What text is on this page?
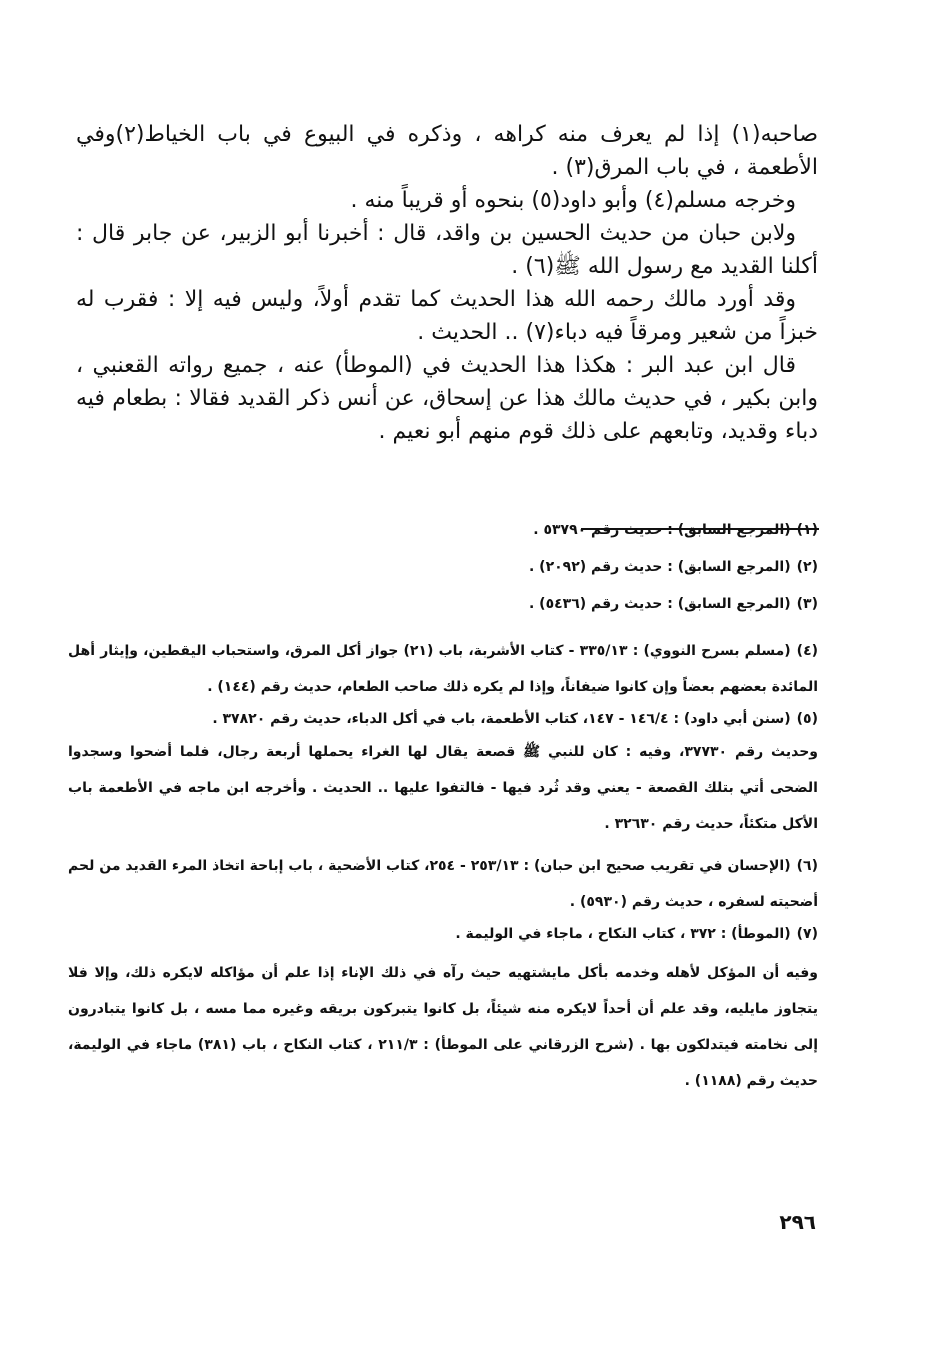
صاحبه(١) إذا لم يعرف منه كراهه ، وذكره في البيوع في باب الخياط(٢)وفي الأطعمة ، في باب المرق(٣) .

وخرجه مسلم(٤) وأبو داود(٥) بنحوه أو قريباً منه .

ولابن حبان من حديث الحسين بن واقد، قال : أخبرنا أبو الزبير، عن جابر قال : أكلنا القديد مع رسول الله ﷺ(٦) .

وقد أورد مالك رحمه الله هذا الحديث كما تقدم أولاً، وليس فيه إلا : فقرب له خبزاً من شعير ومرقاً فيه دباء(٧) .. الحديث .

قال ابن عبد البر : هكذا هذا الحديث في (الموطأ) عنه ، جميع رواته القعنبي ، وابن بكير ، في حديث مالك هذا عن إسحاق، عن أنس ذكر القديد فقالا : بطعام فيه دباء وقديد، وتابعهم على ذلك قوم منهم أبو نعيم .

(١)(المرجع السابق) : حديث رقم ٥٣٧٩٠ .

(٢)(المرجع السابق) : حديث رقم (٢٠٩٢) .

(٣)(المرجع السابق) : حديث رقم (٥٤٣٦) .

(٤)(مسلم بسرح النووي) : ٣٣٥/١٣ - كتاب الأشربة، باب (٢١) جواز أكل المرق، واستحباب اليقطين، وإيثار أهل المائدة بعضهم بعضاً وإن كانوا ضيفاناً، وإذا لم يكره ذلك صاحب الطعام، حديث رقم (١٤٤) .

(٥)(سنن أبي داود) : ١٤٦/٤ - ١٤٧، كتاب الأطعمة، باب في أكل الدباء، حديث رقم ٣٧٨٢٠ .

وحديث رقم ٣٧٧٣٠، وفيه : كان للنبي ﷺ قصعة يقال لها الغراء يحملها أربعة رجال، فلما أضحوا وسجدوا الضحى أتي بتلك القصعة - يعني وقد ثُرد فيها - فالتفوا عليها .. الحديث . وأخرجه ابن ماجه في الأطعمة باب الأكل متكئاً، حديث رقم ٣٢٦٣٠ .

(٦)(الإحسان في تقريب صحيح ابن حبان) : ٢٥٣/١٣ - ٢٥٤، كتاب الأضحية ، باب إباحة اتخاذ المرء القديد من لحم أضحيته لسفره ، حديث رقم (٥٩٣٠) .

(٧)(الموطأ) : ٣٧٢ ، كتاب النكاح ، ماجاء في الوليمة .

وفيه أن المؤكل لأهله وخدمه بأكل مايشتهيه حيث رآه في ذلك الإناء إذا علم أن مؤاكله لايكره ذلك، وإلا فلا يتجاوز مايليه، وقد علم أن أحداً لايكره منه شيئاً، بل كانوا يتبركون بريقه وغيره مما مسه ، بل كانوا يتبادرون إلى نخامته فيتدلكون بها . (شرح الزرقاني على الموطأ) : ٢١١/٣ ، كتاب النكاح ، باب (٣٨١) ماجاء في الوليمة، حديث رقم (١١٨٨) .

٢٩٦
